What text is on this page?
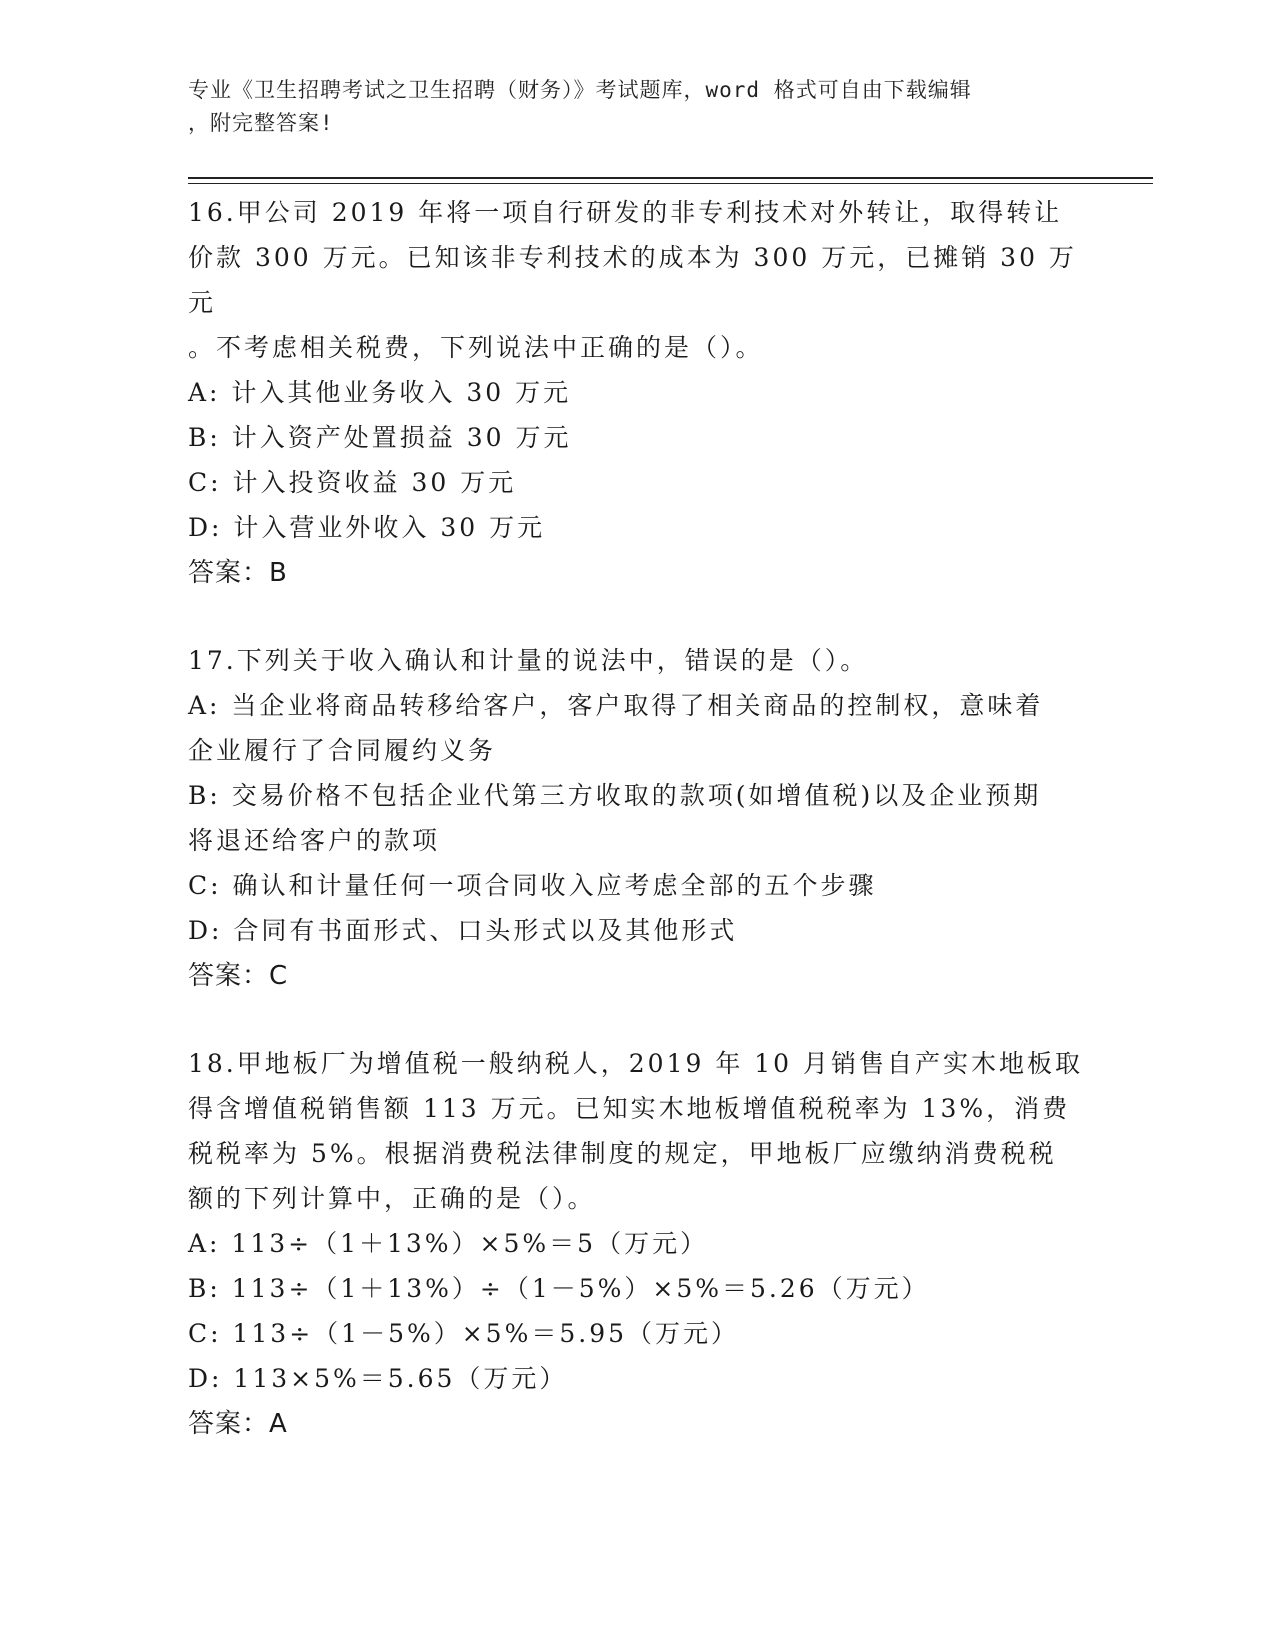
专业《卫生招聘考试之卫生招聘（财务）》考试题库，word 格式可自由下载编辑
，附完整答案!

16.甲公司 2019 年将一项自行研发的非专利技术对外转让，取得转让

价款 300 万元。已知该非专利技术的成本为 300 万元，已摊销 30 万元

。不考虑相关税费，下列说法中正确的是（）。

A: 计入其他业务收入 30 万元

B: 计入资产处置损益 30 万元

C: 计入投资收益 30 万元

D: 计入营业外收入 30 万元

答案：B

17.下列关于收入确认和计量的说法中，错误的是（）。

A: 当企业将商品转移给客户，客户取得了相关商品的控制权，意味着

企业履行了合同履约义务

B: 交易价格不包括企业代第三方收取的款项(如增值税)以及企业预期

将退还给客户的款项

C: 确认和计量任何一项合同收入应考虑全部的五个步骤

D: 合同有书面形式、口头形式以及其他形式

答案：C

18.甲地板厂为增值税一般纳税人，2019 年 10 月销售自产实木地板取

得含增值税销售额 113 万元。已知实木地板增值税税率为 13%，消费

税税率为 5%。根据消费税法律制度的规定，甲地板厂应缴纳消费税税

额的下列计算中，正确的是（）。

A: 113÷（1＋13%）×5%＝5（万元）

B: 113÷（1＋13%）÷（1－5%）×5%＝5.26（万元）

C: 113÷（1－5%）×5%＝5.95（万元）

D: 113×5%＝5.65（万元）

答案：A
